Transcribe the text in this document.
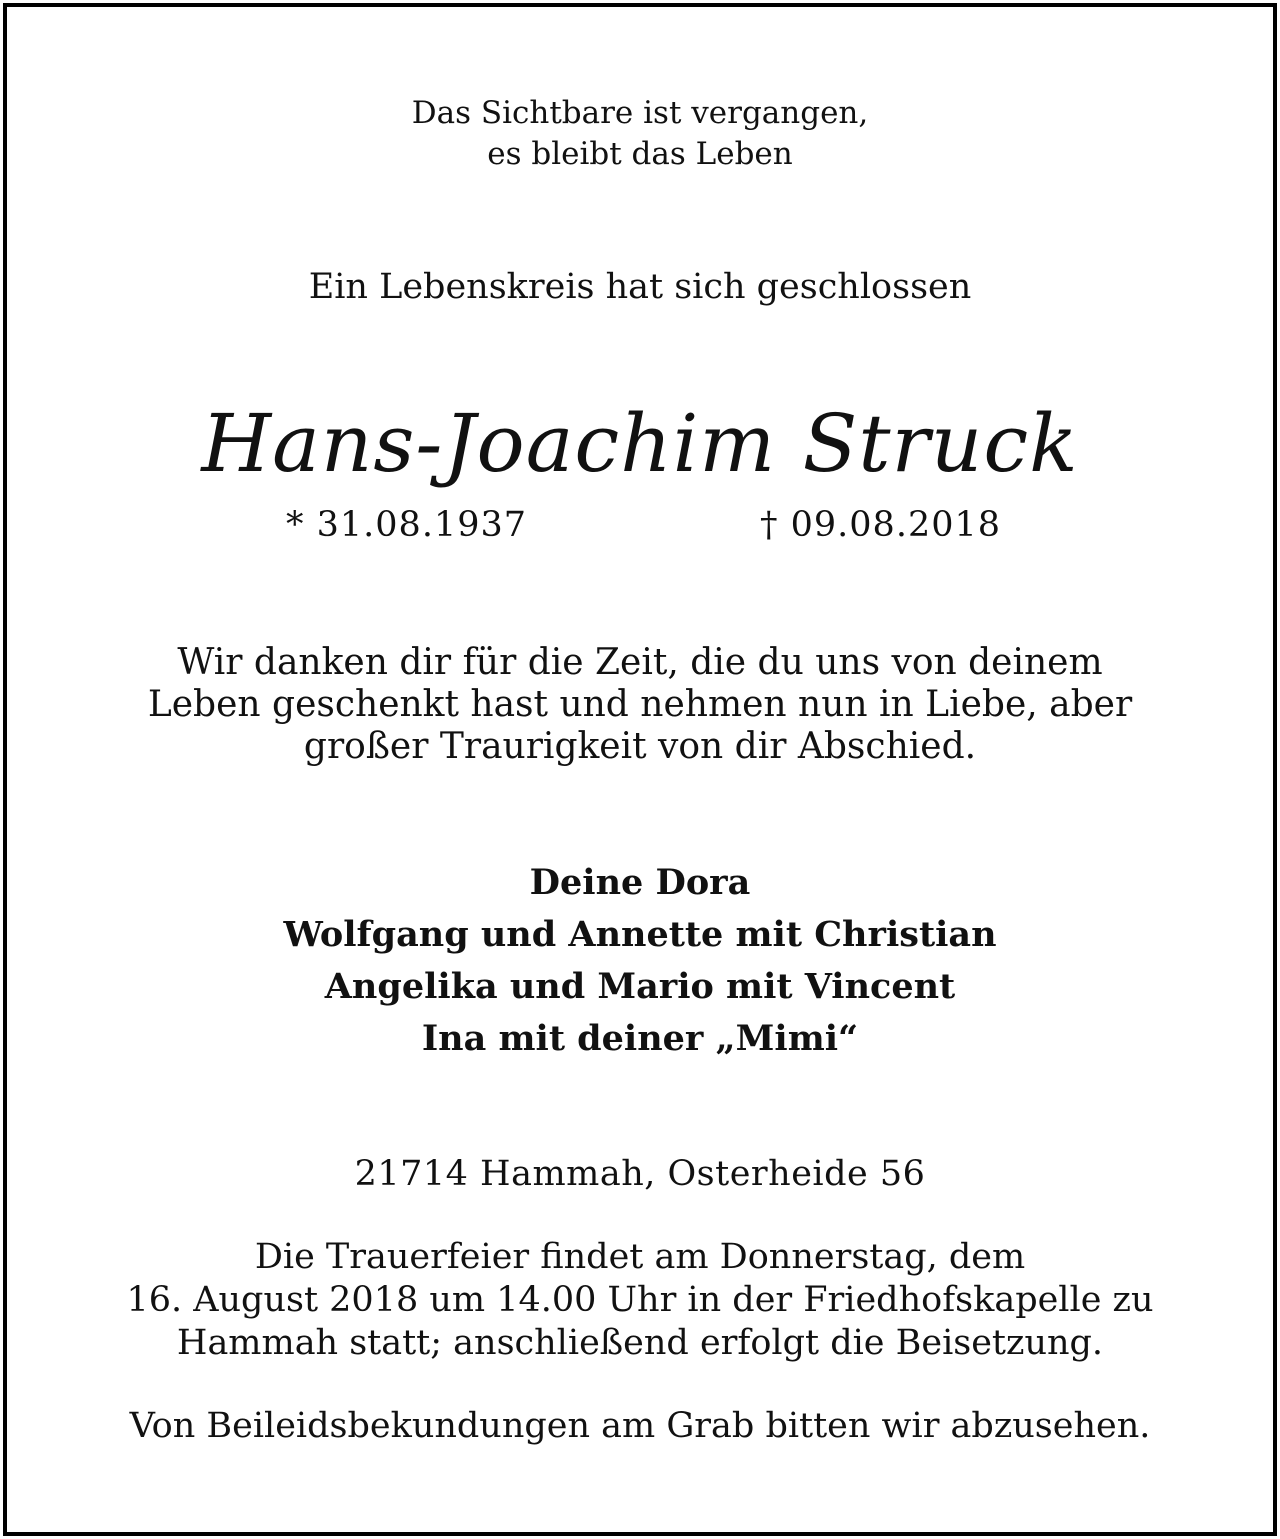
Das Sichtbare ist vergangen,
es bleibt das Leben
Ein Lebenskreis hat sich geschlossen
Hans-Joachim Struck
* 31.08.1937	† 09.08.2018
Wir danken dir für die Zeit, die du uns von deinem
Leben geschenkt hast und nehmen nun in Liebe, aber
großer Traurigkeit von dir Abschied.
Deine Dora
Wolfgang und Annette mit Christian
Angelika und Mario mit Vincent
Ina mit deiner „Mimi“
21714 Hammah, Osterheide 56
Die Trauerfeier findet am Donnerstag, dem
16. August 2018 um 14.00 Uhr in der Friedhofskapelle zu
Hammah statt; anschließend erfolgt die Beisetzung.
Von Beileidsbekundungen am Grab bitten wir abzusehen.
